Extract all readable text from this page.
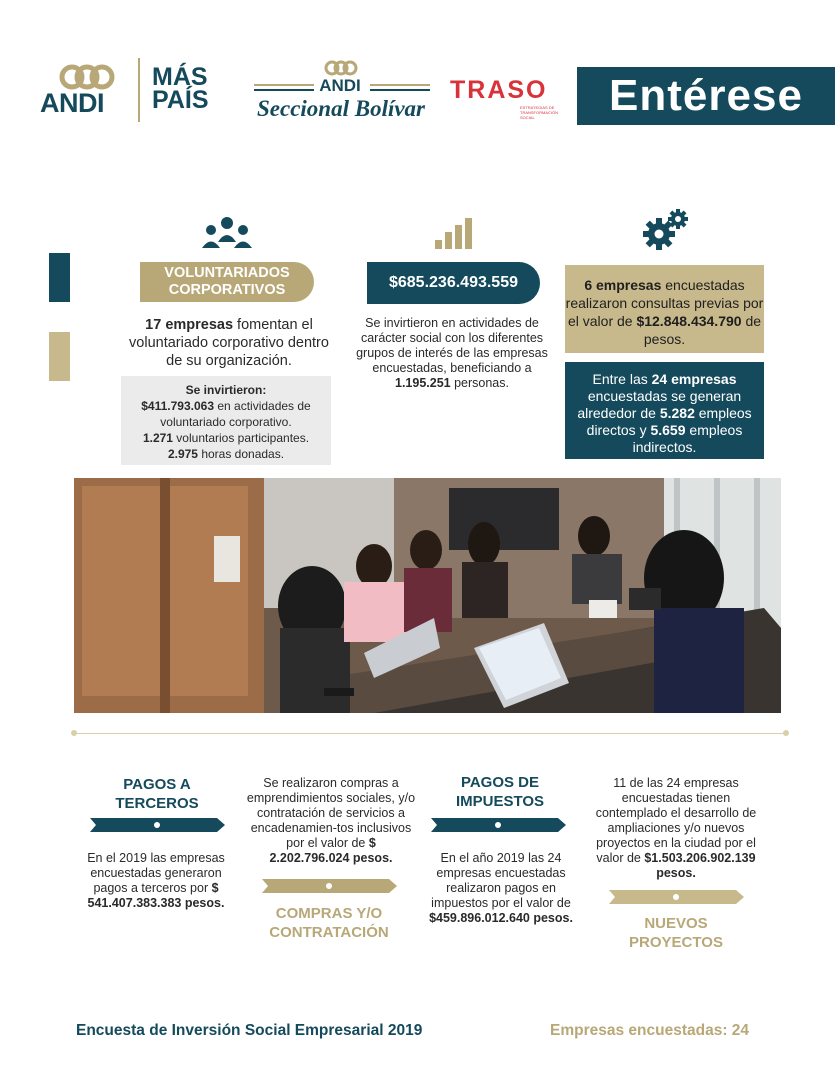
ANDI
MÁS
PAÍS
ANDI
Seccional Bolívar
TRASO
ESTRATEGIAS DE TRANSFORMACIÓN SOCIAL	Entérese
VOLUNTARIADOS CORPORATIVOS
17 empresas fomentan el voluntariado corporativo dentro de su organización.
Se invirtieron:
$411.793.063 en actividades de voluntariado corporativo.
1.271 voluntarios participantes.
2.975 horas donadas.
$685.236.493.559
Se invirtieron en actividades de carácter social con los diferentes grupos de interés de las empresas encuestadas, beneficiando a 1.195.251 personas.
6 empresas encuestadas realizaron consultas previas por el valor de $12.848.434.790 de pesos.
Entre las 24 empresas encuestadas se generan alrededor de 5.282 empleos directos y 5.659 empleos indirectos.
PAGOS A TERCEROS
En el 2019 las empresas encuestadas generaron pagos a terceros por $ 541.407.383.383 pesos.
Se realizaron compras a emprendimientos sociales, y/o contratación de servicios a encadenamien-tos inclusivos por el valor de $ 2.202.796.024 pesos.
COMPRAS Y/O CONTRATACIÓN
PAGOS DE IMPUESTOS
En el año 2019 las 24 empresas encuestadas realizaron pagos en impuestos por el valor de $459.896.012.640 pesos.
11 de las 24 empresas encuestadas tienen contemplado el desarrollo de ampliaciones y/o nuevos proyectos en la ciudad por el valor de $1.503.206.902.139 pesos.
NUEVOS PROYECTOS
Encuesta de Inversión Social Empresarial 2019	Empresas encuestadas: 24
